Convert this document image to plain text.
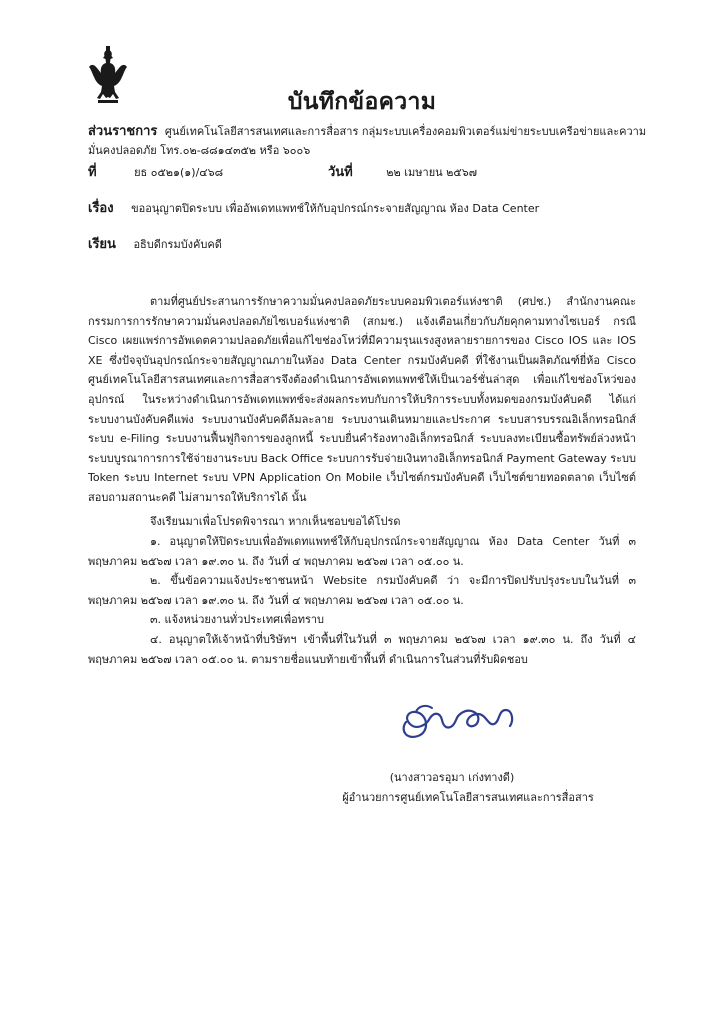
บันทึกข้อความ
ส่วนราชการ ศูนย์เทคโนโลยีสารสนเทศและการสื่อสาร กลุ่มระบบเครื่องคอมพิวเตอร์แม่ข่ายระบบเครือข่ายและความมั่นคงปลอดภัย โทร.๐๒-๘๘๑๔๓๕๒ หรือ ๖๐๐๖
ที่	ยธ ๐๕๒๑(๑)/๔๖๘	วันที่	๒๒ เมษายน ๒๕๖๗
เรื่อง ขออนุญาตปิดระบบ เพื่ออัพเดทแพทช์ให้กับอุปกรณ์กระจายสัญญาณ ห้อง Data Center
เรียน อธิบดีกรมบังคับคดี
ตามที่ศูนย์ประสานการรักษาความมั่นคงปลอดภัยระบบคอมพิวเตอร์แห่งชาติ (ศปช.) สำนักงานคณะกรรมการการรักษาความมั่นคงปลอดภัยไซเบอร์แห่งชาติ (สกมช.) แจ้งเตือนเกี่ยวกับภัยคุกคามทางไซเบอร์ กรณี Cisco เผยแพร่การอัพเดตความปลอดภัยเพื่อแก้ไขช่องโหว่ที่มีความรุนแรงสูงหลายรายการของ Cisco IOS และ IOS XE ซึ่งปัจจุบันอุปกรณ์กระจายสัญญาณภายในห้อง Data Center กรมบังคับคดี ที่ใช้งานเป็นผลิตภัณฑ์ยี่ห้อ Cisco ศูนย์เทคโนโลยีสารสนเทศและการสื่อสารจึงต้องดำเนินการอัพเดทแพทช์ให้เป็นเวอร์ชั่นล่าสุด เพื่อแก้ไขช่องโหว่ของอุปกรณ์ ในระหว่างดำเนินการอัพเดทแพทช์จะส่งผลกระทบกับการให้บริการระบบทั้งหมดของกรมบังคับคดี ได้แก่ ระบบงานบังคับคดีแพ่ง ระบบงานบังคับคดีล้มละลาย ระบบงานเดินหมายและประกาศ ระบบสารบรรณอิเล็กทรอนิกส์ ระบบ e-Filing ระบบงานฟื้นฟูกิจการของลูกหนี้ ระบบยื่นคำร้องทางอิเล็กทรอนิกส์ ระบบลงทะเบียนซื้อทรัพย์ล่วงหน้า ระบบบูรณาการการใช้จ่ายงานระบบ Back Office ระบบการรับจ่ายเงินทางอิเล็กทรอนิกส์ Payment Gateway ระบบ Token ระบบ Internet ระบบ VPN Application On Mobile เว็บไซต์กรมบังคับคดี เว็บไซต์ขายทอดตลาด เว็บไซต์สอบถามสถานะคดี ไม่สามารถให้บริการได้ นั้น
จึงเรียนมาเพื่อโปรดพิจารณา หากเห็นชอบขอได้โปรด
๑. อนุญาตให้ปิดระบบเพื่ออัพเดทแพทช์ให้กับอุปกรณ์กระจายสัญญาณ ห้อง Data Center วันที่ ๓ พฤษภาคม ๒๕๖๗ เวลา ๑๙.๓๐ น. ถึง วันที่ ๔ พฤษภาคม ๒๕๖๗ เวลา ๐๕.๐๐ น.
๒. ขึ้นข้อความแจ้งประชาชนหน้า Website กรมบังคับคดี ว่า จะมีการปิดปรับปรุงระบบในวันที่ ๓ พฤษภาคม ๒๕๖๗ เวลา ๑๙.๓๐ น. ถึง วันที่ ๔ พฤษภาคม ๒๕๖๗ เวลา ๐๕.๐๐ น.
๓. แจ้งหน่วยงานทั่วประเทศเพื่อทราบ
๔. อนุญาตให้เจ้าหน้าที่บริษัทฯ เข้าพื้นที่ในวันที่ ๓ พฤษภาคม ๒๕๖๗ เวลา ๑๙.๓๐ น. ถึง วันที่ ๔ พฤษภาคม ๒๕๖๗ เวลา ๐๕.๐๐ น. ตามรายชื่อแนบท้ายเข้าพื้นที่ ดำเนินการในส่วนที่รับผิดชอบ
(นางสาวอรอุมา เก่งทางดี)
ผู้อำนวยการศูนย์เทคโนโลยีสารสนเทศและการสื่อสาร
